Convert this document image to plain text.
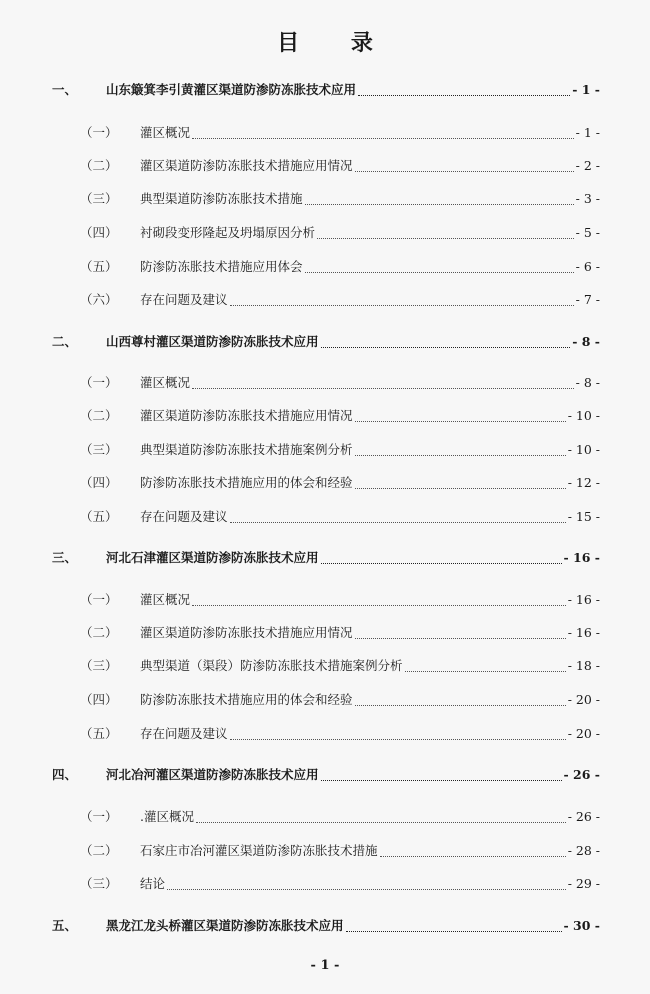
目 录
一、 山东簸箕李引黄灌区渠道防渗防冻胀技术应用	- 1 -
（一） 灌区概况	- 1 -
（二） 灌区渠道防渗防冻胀技术措施应用情况	- 2 -
（三） 典型渠道防渗防冻胀技术措施	- 3 -
（四） 衬砌段变形隆起及坍塌原因分析	- 5 -
（五） 防渗防冻胀技术措施应用体会	- 6 -
（六） 存在问题及建议	- 7 -
二、 山西尊村灌区渠道防渗防冻胀技术应用	- 8 -
（一） 灌区概况	- 8 -
（二） 灌区渠道防渗防冻胀技术措施应用情况	- 10 -
（三） 典型渠道防渗防冻胀技术措施案例分析	- 10 -
（四） 防渗防冻胀技术措施应用的体会和经验	- 12 -
（五） 存在问题及建议	- 15 -
三、 河北石津灌区渠道防渗防冻胀技术应用	- 16 -
（一） 灌区概况	- 16 -
（二） 灌区渠道防渗防冻胀技术措施应用情况	- 16 -
（三） 典型渠道（渠段）防渗防冻胀技术措施案例分析	- 18 -
（四） 防渗防冻胀技术措施应用的体会和经验	- 20 -
（五） 存在问题及建议	- 20 -
四、 河北冶河灌区渠道防渗防冻胀技术应用	- 26 -
（一） .灌区概况	- 26 -
（二） 石家庄市冶河灌区渠道防渗防冻胀技术措施	- 28 -
（三） 结论	- 29 -
五、 黑龙江龙头桥灌区渠道防渗防冻胀技术应用	- 30 -
- 1 -
